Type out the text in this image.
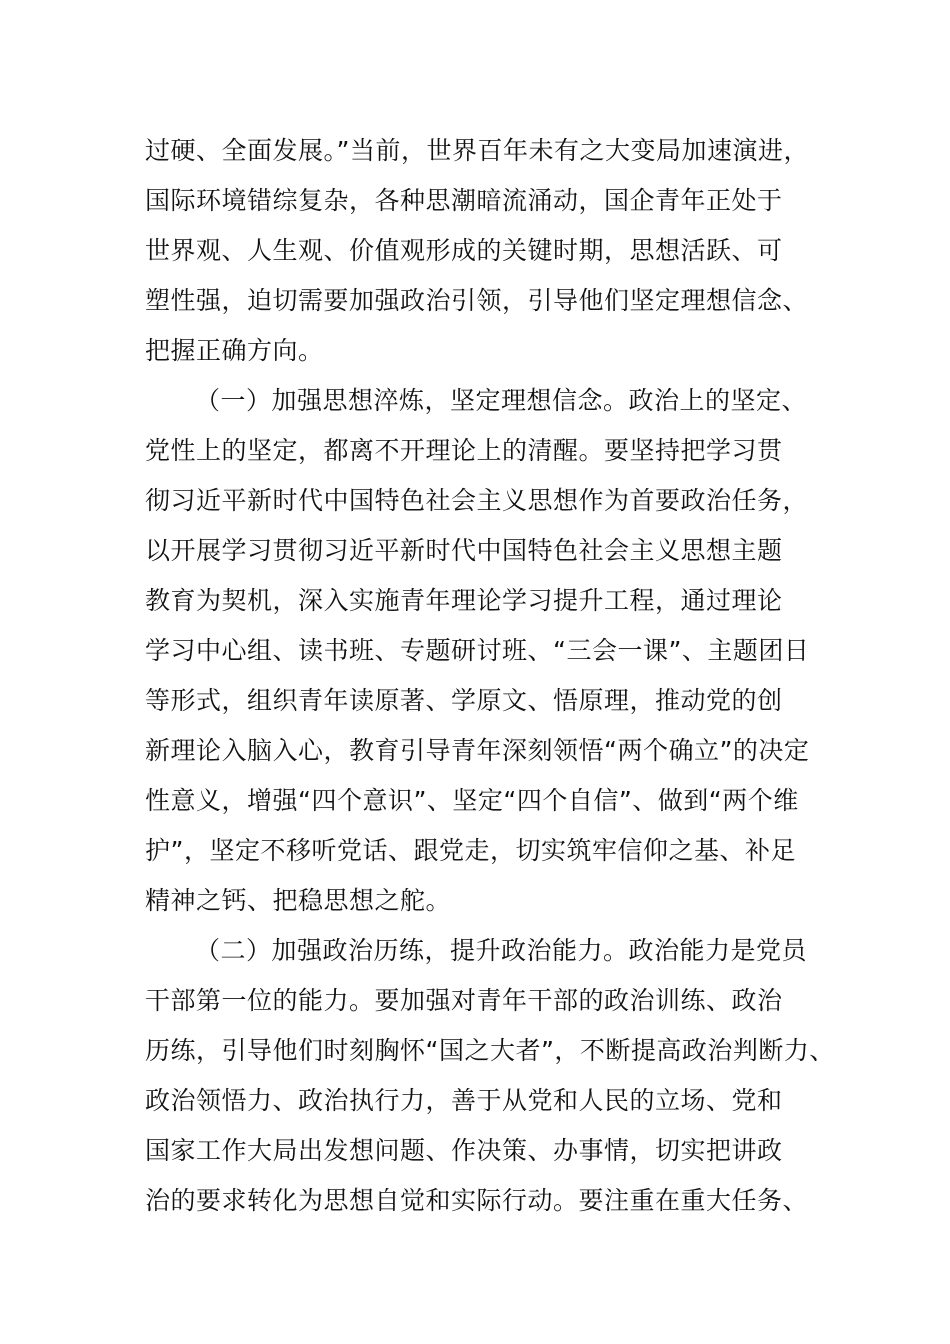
过硬、全面发展。”当前，世界百年未有之大变局加速演进，
国际环境错综复杂，各种思潮暗流涌动，国企青年正处于
世界观、人生观、价值观形成的关键时期，思想活跃、可
塑性强，迫切需要加强政治引领，引导他们坚定理想信念、
把握正确方向。
（一）加强思想淬炼，坚定理想信念。政治上的坚定、
党性上的坚定，都离不开理论上的清醒。要坚持把学习贯
彻习近平新时代中国特色社会主义思想作为首要政治任务，
以开展学习贯彻习近平新时代中国特色社会主义思想主题
教育为契机，深入实施青年理论学习提升工程，通过理论
学习中心组、读书班、专题研讨班、“三会一课”、主题团日
等形式，组织青年读原著、学原文、悟原理，推动党的创
新理论入脑入心，教育引导青年深刻领悟“两个确立”的决定
性意义，增强“四个意识”、坚定“四个自信”、做到“两个维
护”，坚定不移听党话、跟党走，切实筑牢信仰之基、补足
精神之钙、把稳思想之舵。
（二）加强政治历练，提升政治能力。政治能力是党员
干部第一位的能力。要加强对青年干部的政治训练、政治
历练，引导他们时刻胸怀“国之大者”，不断提高政治判断力、
政治领悟力、政治执行力，善于从党和人民的立场、党和
国家工作大局出发想问题、作决策、办事情，切实把讲政
治的要求转化为思想自觉和实际行动。要注重在重大任务、
